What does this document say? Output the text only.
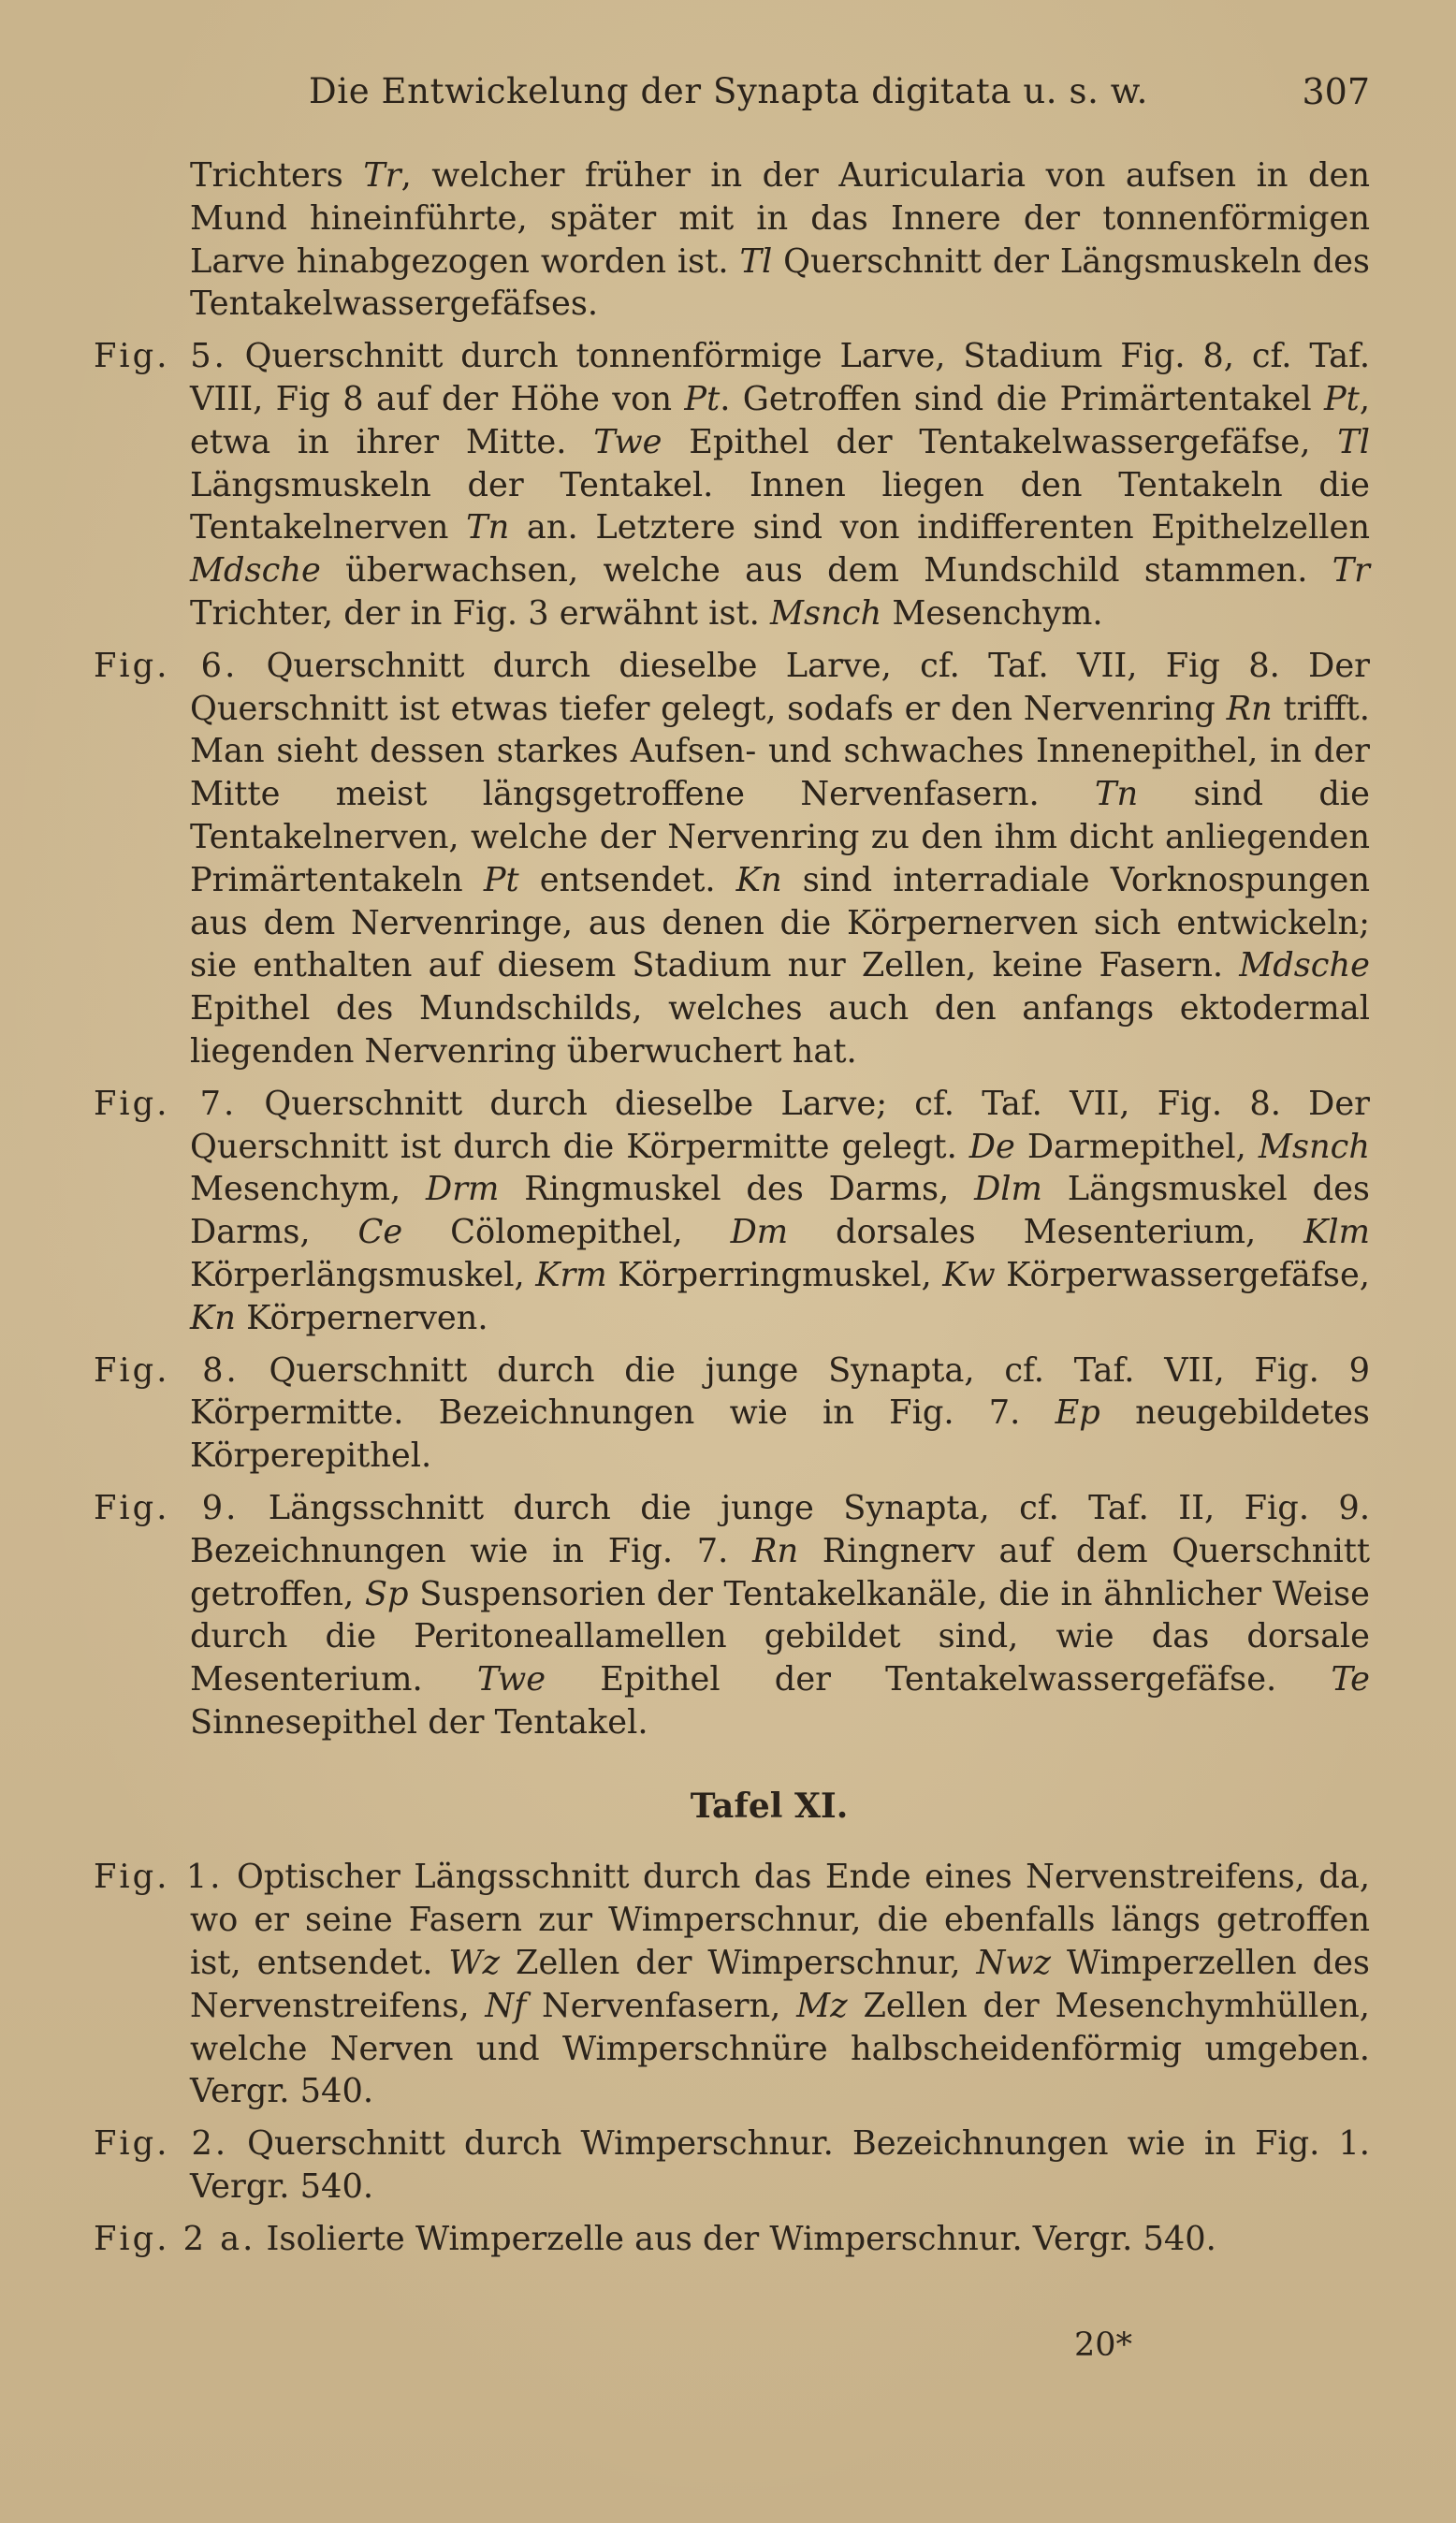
Die Entwickelung der Synapta digitata u. s. w.	307
Trichters Tr, welcher früher in der Auricularia von aufsen in den Mund hineinführte, später mit in das Innere der tonnenförmigen Larve hinabgezogen worden ist. Tl Querschnitt der Längsmuskeln des Tentakelwassergefäfses.
Fig. 5. Querschnitt durch tonnenförmige Larve, Stadium Fig. 8, cf. Taf. VIII, Fig 8 auf der Höhe von Pt. Getroffen sind die Primärtentakel Pt, etwa in ihrer Mitte. Twe Epithel der Tentakelwassergefäfse, Tl Längsmuskeln der Tentakel. Innen liegen den Tentakeln die Tentakelnerven Tn an. Letztere sind von indifferenten Epithelzellen Mdsche überwachsen, welche aus dem Mundschild stammen. Tr Trichter, der in Fig. 3 erwähnt ist. Msnch Mesenchym.
Fig. 6. Querschnitt durch dieselbe Larve, cf. Taf. VII, Fig 8. Der Querschnitt ist etwas tiefer gelegt, sodafs er den Nervenring Rn trifft. Man sieht dessen starkes Aufsen- und schwaches Innenepithel, in der Mitte meist längsgetroffene Nervenfasern. Tn sind die Tentakelnerven, welche der Nervenring zu den ihm dicht anliegenden Primärtentakeln Pt entsendet. Kn sind interradiale Vorknospungen aus dem Nervenringe, aus denen die Körpernerven sich entwickeln; sie enthalten auf diesem Stadium nur Zellen, keine Fasern. Mdsche Epithel des Mundschilds, welches auch den anfangs ektodermal liegenden Nervenring überwuchert hat.
Fig. 7. Querschnitt durch dieselbe Larve; cf. Taf. VII, Fig. 8. Der Querschnitt ist durch die Körpermitte gelegt. De Darmepithel, Msnch Mesenchym, Drm Ringmuskel des Darms, Dlm Längsmuskel des Darms, Ce Cölomepithel, Dm dorsales Mesenterium, Klm Körperlängsmuskel, Krm Körperringmuskel, Kw Körperwassergefäfse, Kn Körpernerven.
Fig. 8. Querschnitt durch die junge Synapta, cf. Taf. VII, Fig. 9 Körpermitte. Bezeichnungen wie in Fig. 7. Ep neugebildetes Körperepithel.
Fig. 9. Längsschnitt durch die junge Synapta, cf. Taf. II, Fig. 9. Bezeichnungen wie in Fig. 7. Rn Ringnerv auf dem Querschnitt getroffen, Sp Suspensorien der Tentakelkanäle, die in ähnlicher Weise durch die Peritoneallamellen gebildet sind, wie das dorsale Mesenterium. Twe Epithel der Tentakelwassergefäfse. Te Sinnesepithel der Tentakel.
Tafel XI.
Fig. 1. Optischer Längsschnitt durch das Ende eines Nervenstreifens, da, wo er seine Fasern zur Wimperschnur, die ebenfalls längs getroffen ist, entsendet. Wz Zellen der Wimperschnur, Nwz Wimperzellen des Nervenstreifens, Nf Nervenfasern, Mz Zellen der Mesenchymhüllen, welche Nerven und Wimperschnüre halbscheidenförmig umgeben. Vergr. 540.
Fig. 2. Querschnitt durch Wimperschnur. Bezeichnungen wie in Fig. 1. Vergr. 540.
Fig. 2 a. Isolierte Wimperzelle aus der Wimperschnur. Vergr. 540.
20*
